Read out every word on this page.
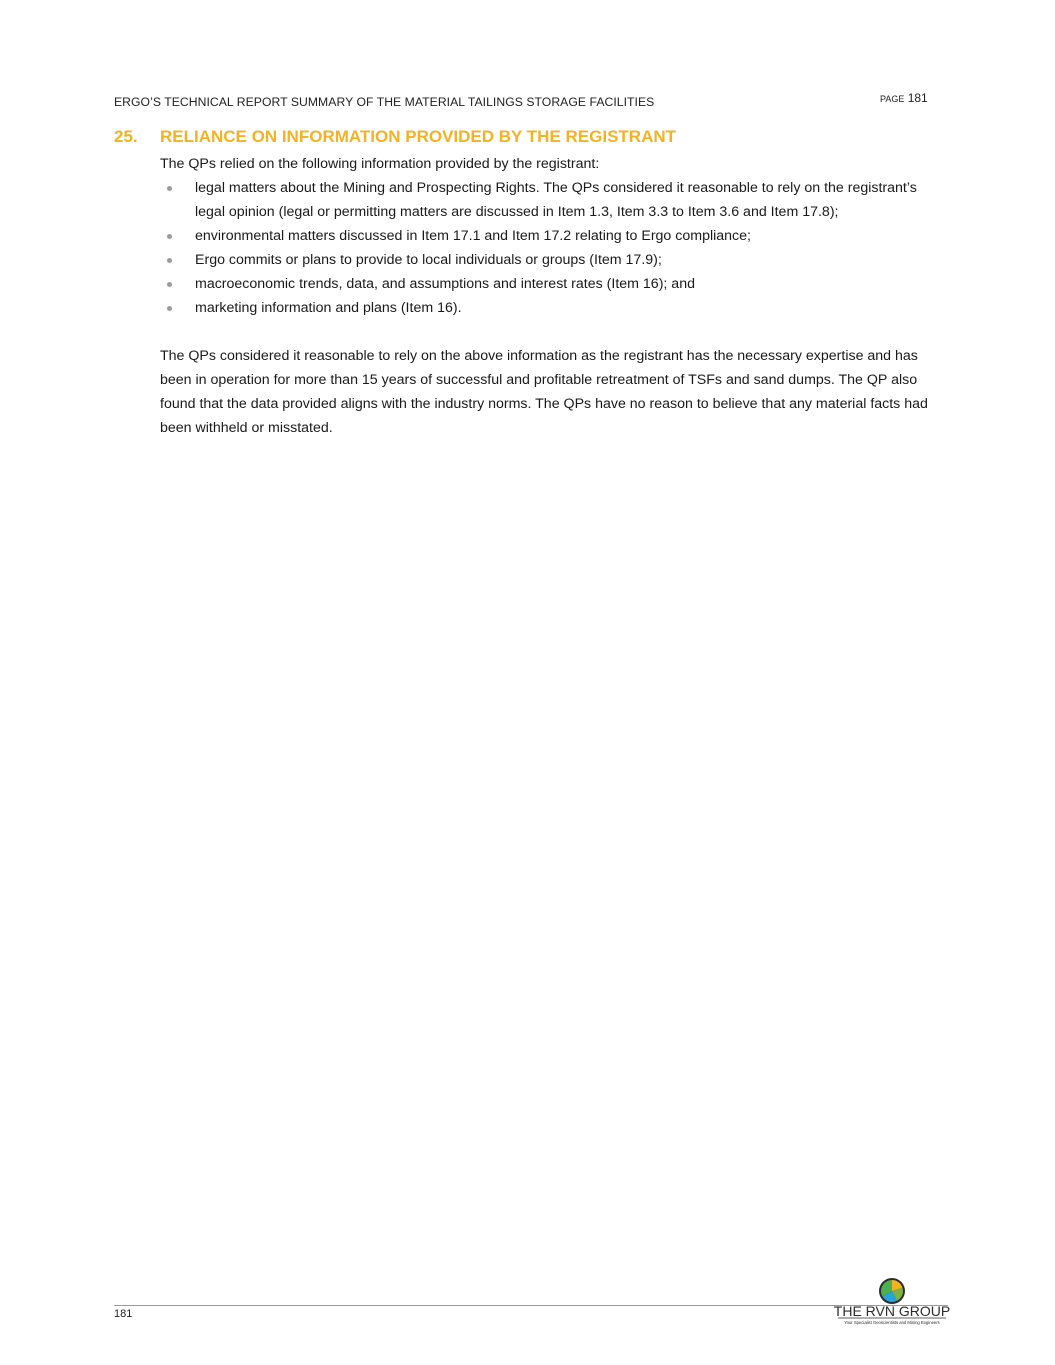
ERGO’S TECHNICAL REPORT SUMMARY OF THE MATERIAL TAILINGS STORAGE FACILITIES	PAGE 181
25.	RELIANCE ON INFORMATION PROVIDED BY THE REGISTRANT

The QPs relied on the following information provided by the registrant:

legal matters about the Mining and Prospecting Rights. The QPs considered it reasonable to rely on the registrant’s legal opinion (legal or permitting matters are discussed in Item 1.3, Item 3.3 to Item 3.6 and Item 17.8);
environmental matters discussed in Item 17.1 and Item 17.2 relating to Ergo compliance;
Ergo commits or plans to provide to local individuals or groups (Item 17.9);
macroeconomic trends, data, and assumptions and interest rates (Item 16); and
marketing information and plans (Item 16).

The QPs considered it reasonable to rely on the above information as the registrant has the necessary expertise and has been in operation for more than 15 years of successful and profitable retreatment of TSFs and sand dumps. The QP also found that the data provided aligns with the industry norms. The QPs have no reason to believe that any material facts had been withheld or misstated.

181	THE RVN GROUP
Your Specialist Geoscientists and Mining Engineers
